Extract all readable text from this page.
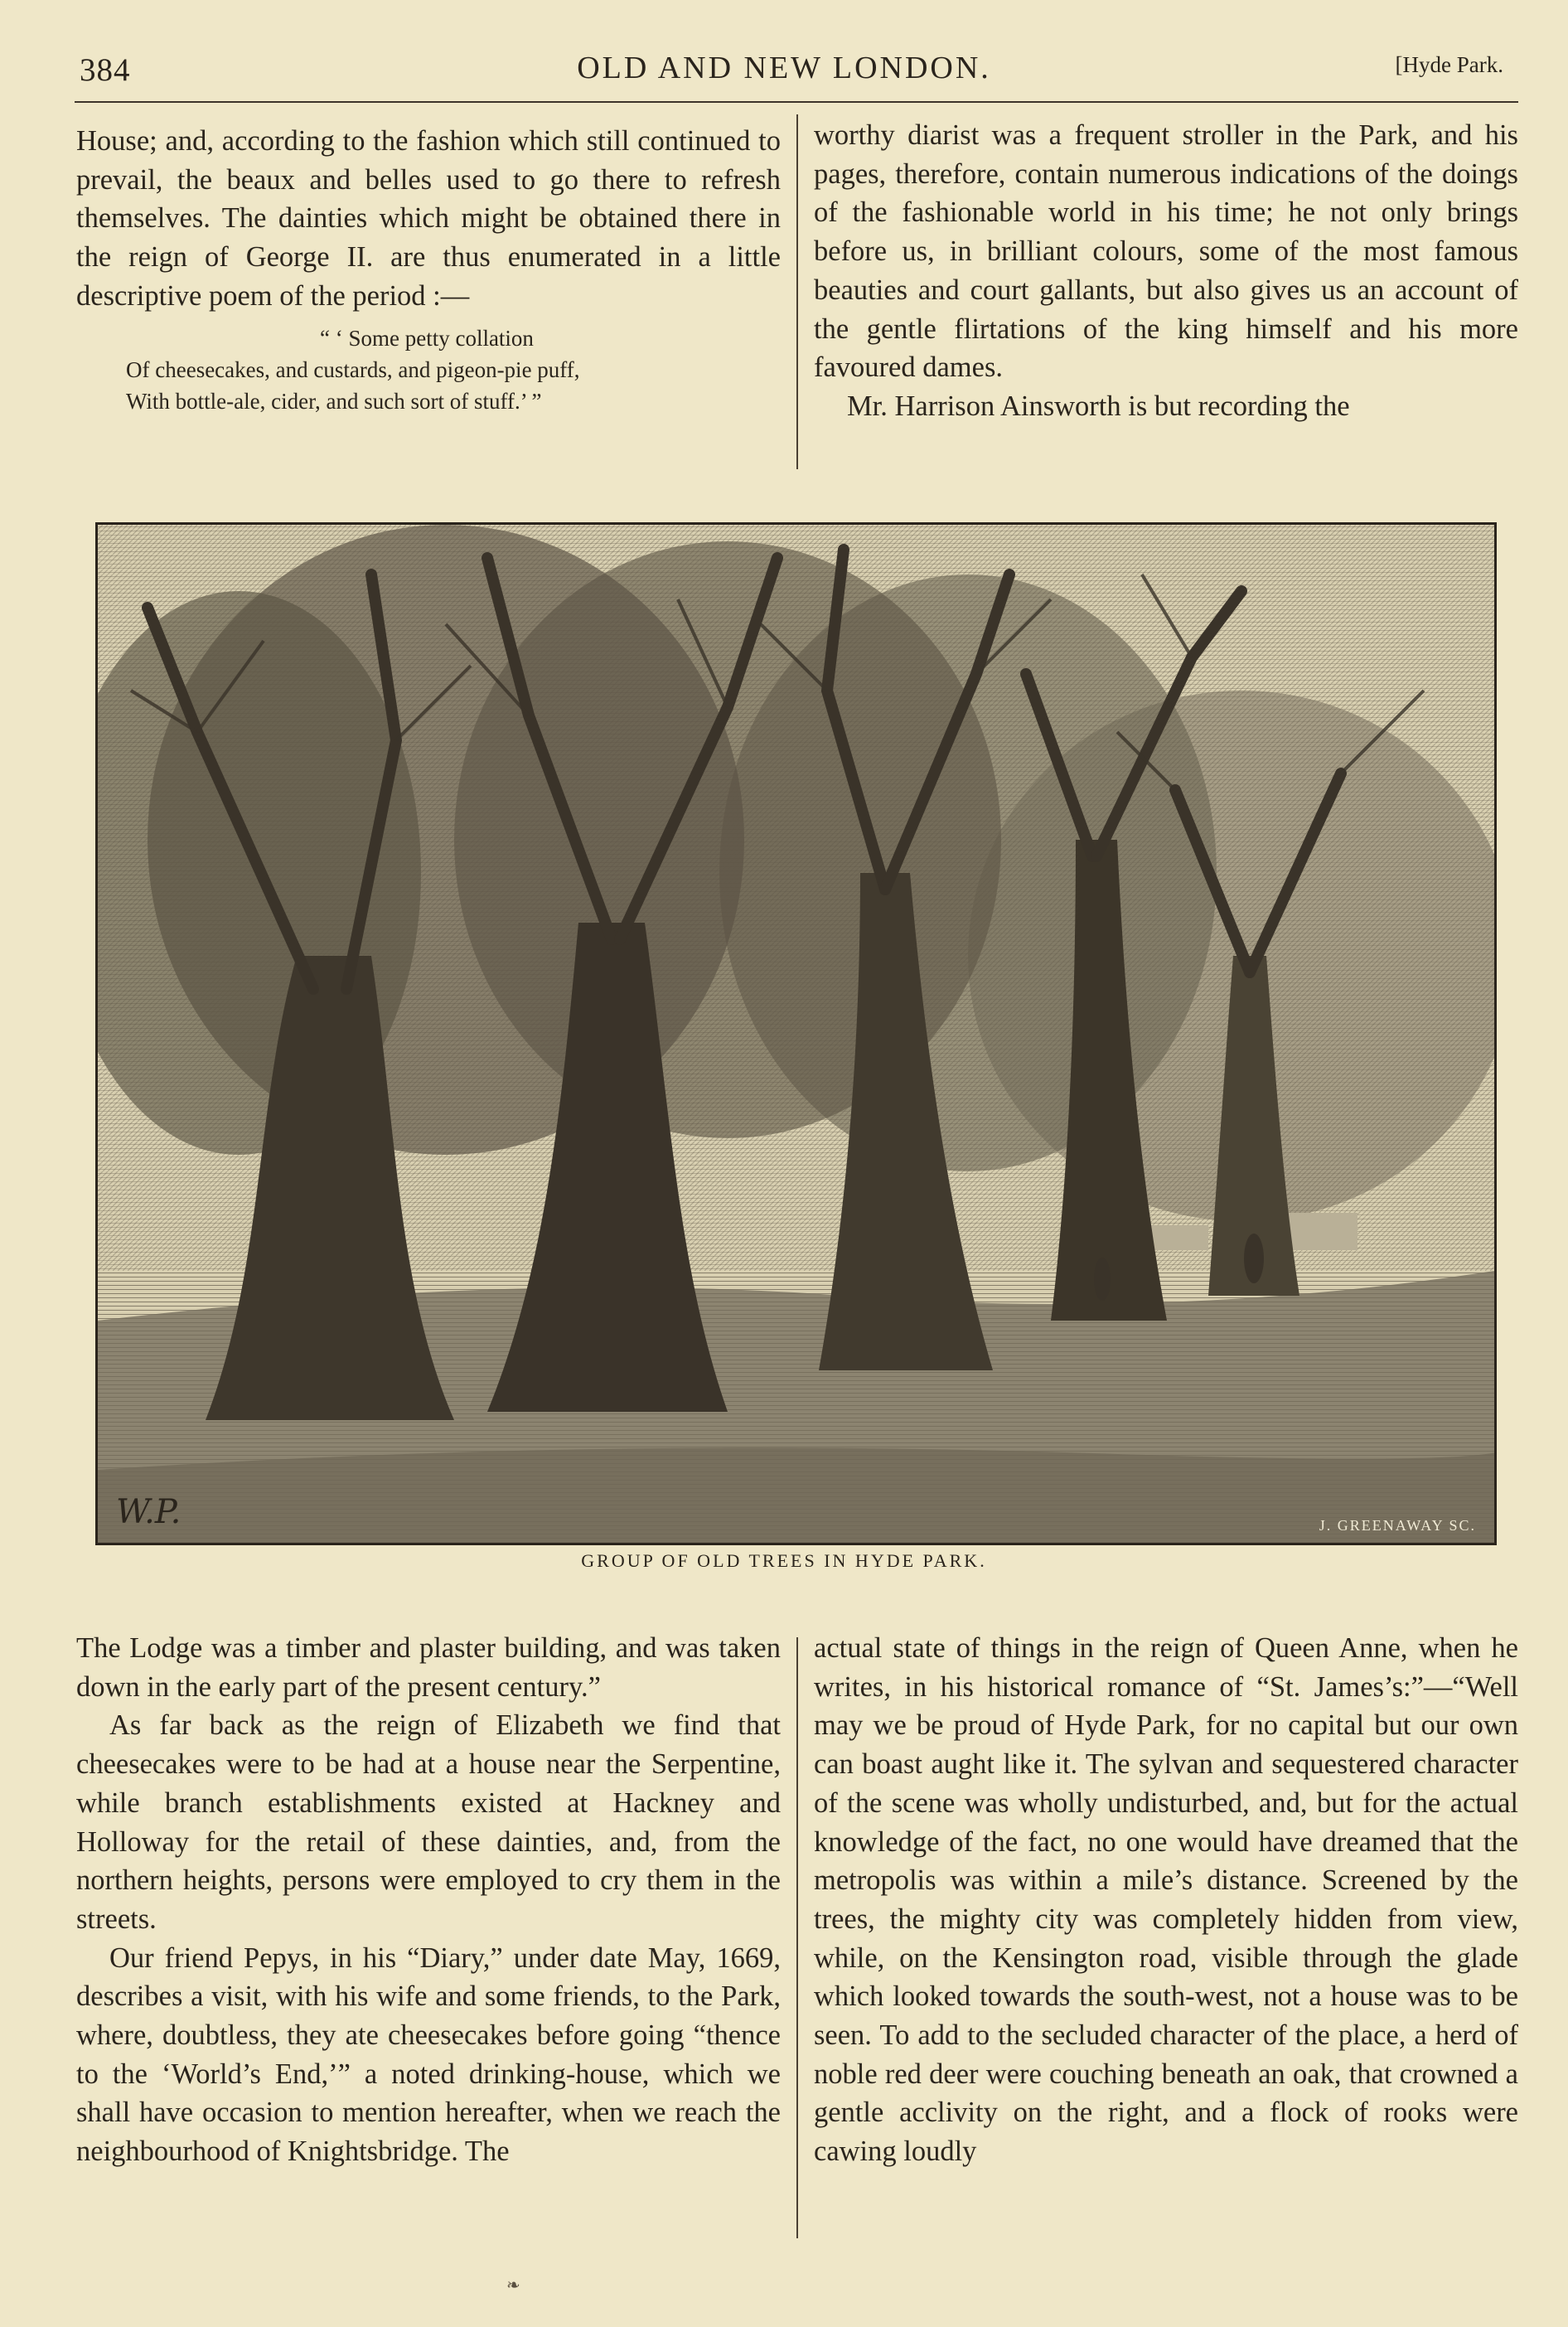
384	OLD AND NEW LONDON.	[Hyde Park.

House; and, according to the fashion which still continued to prevail, the beaux and belles used to go there to refresh themselves. The dainties which might be obtained there in the reign of George II. are thus enumerated in a little descriptive poem of the period :—

“ ‘ Some petty collation
Of cheesecakes, and custards, and pigeon-pie puff,
With bottle-ale, cider, and such sort of stuff.’ ”

worthy diarist was a frequent stroller in the Park, and his pages, therefore, contain numerous indications of the doings of the fashionable world in his time; he not only brings before us, in brilliant colours, some of the most famous beauties and court gallants, but also gives us an account of the gentle flirtations of the king himself and his more favoured dames.

Mr. Harrison Ainsworth is but recording the

W.P.	J. GREENAWAY SC.
GROUP OF OLD TREES IN HYDE PARK.

The Lodge was a timber and plaster building, and was taken down in the early part of the present century.”

As far back as the reign of Elizabeth we find that cheesecakes were to be had at a house near the Serpentine, while branch establishments existed at Hackney and Holloway for the retail of these dainties, and, from the northern heights, persons were employed to cry them in the streets.

Our friend Pepys, in his “Diary,” under date May, 1669, describes a visit, with his wife and some friends, to the Park, where, doubtless, they ate cheesecakes before going “thence to the ‘World’s End,’” a noted drinking-house, which we shall have occasion to mention hereafter, when we reach the neighbourhood of Knightsbridge. The

actual state of things in the reign of Queen Anne, when he writes, in his historical romance of “St. James’s:”—“Well may we be proud of Hyde Park, for no capital but our own can boast aught like it. The sylvan and sequestered character of the scene was wholly undisturbed, and, but for the actual knowledge of the fact, no one would have dreamed that the metropolis was within a mile’s distance. Screened by the trees, the mighty city was completely hidden from view, while, on the Kensington road, visible through the glade which looked towards the south-west, not a house was to be seen. To add to the secluded character of the place, a herd of noble red deer were couching beneath an oak, that crowned a gentle acclivity on the right, and a flock of rooks were cawing loudly

❧
